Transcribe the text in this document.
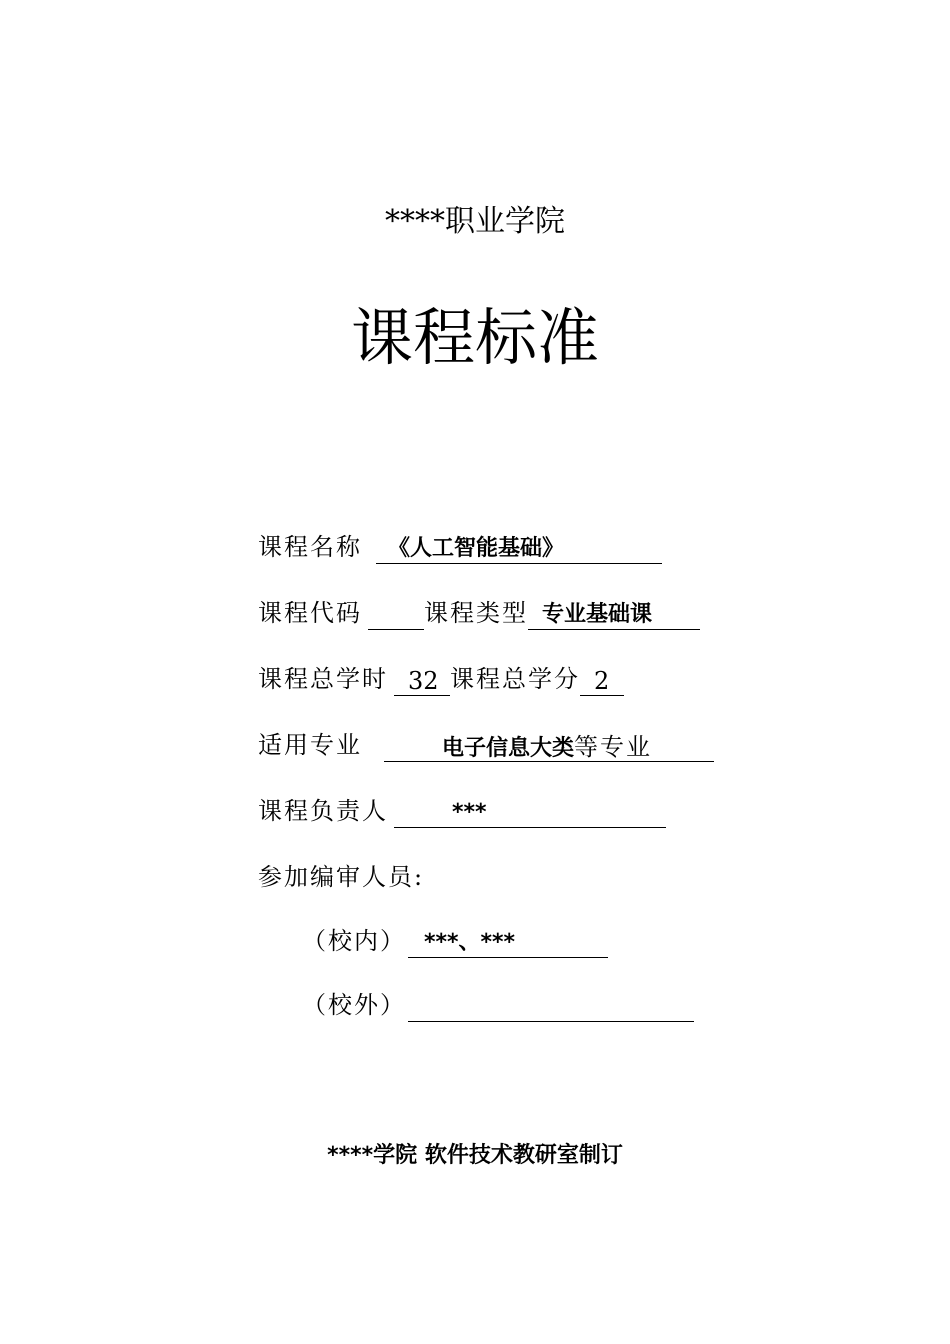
****职业学院
课程标准
课程名称	《人工智能基础》
课程代码	课程类型 专业基础课
课程总学时 32 课程总学分 2
适用专业	电子信息大类等专业
课程负责人	***
参加编审人员:
（校内） ***、***
（校外）
****学院 软件技术教研室制订
